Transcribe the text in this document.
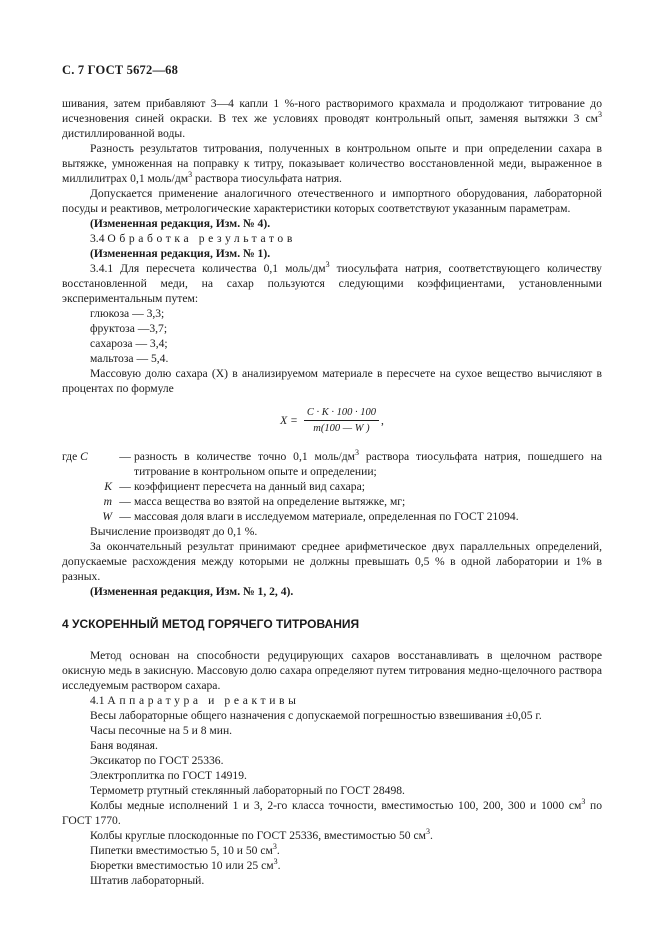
С. 7 ГОСТ 5672—68

шивания, затем прибавляют 3—4 капли 1 %-ного растворимого крахмала и продолжают титрование до исчезновения синей окраски. В тех же условиях проводят контрольный опыт, заменяя вытяжки 3 $см^3$ дистиллированной воды.

Разность результатов титрования, полученных в контрольном опыте и при определении сахара в вытяжке, умноженная на поправку к титру, показывает количество восстановленной меди, выраженное в миллилитрах 0,1 моль/$дм^3$ раствора тиосульфата натрия.

Допускается применение аналогичного отечественного и импортного оборудования, лабораторной посуды и реактивов, метрологические характеристики которых соответствуют указанным параметрам.

(Измененная редакция, Изм. № 4).

3.4 Обработка результатов

(Измененная редакция, Изм. № 1).

3.4.1 Для пересчета количества 0,1 моль/$дм^3$ тиосульфата натрия, соответствующего количеству восстановленной меди, на сахар пользуются следующими коэффициентами, установленными экспериментальным путем:

глюкоза — 3,3;

фруктоза —3,7;

сахароза — 3,4;

мальтоза — 5,4.

Массовую долю сахара (X) в анализируемом материале в пересчете на сухое вещество вычисляют в процентах по формуле

$X = \frac{C \cdot K \cdot 100 \cdot 100}{m(100 — W )}$ ,
где C	— разность в количестве точно 0,1 моль/$дм^3$ раствора тиосульфата натрия, пошедшего на титрование в контрольном опыте и определении;
K — коэффициент пересчета на данный вид сахара;
m — масса вещества во взятой на определение вытяжке, мг;
W — массовая доля влаги в исследуемом материале, определенная по ГОСТ 21094.

Вычисление производят до 0,1 %.

За окончательный результат принимают среднее арифметическое двух параллельных определений, допускаемые расхождения между которыми не должны превышать 0,5 % в одной лаборатории и 1% в разных.

(Измененная редакция, Изм. № 1, 2, 4).

4 УСКОРЕННЫЙ МЕТОД ГОРЯЧЕГО ТИТРОВАНИЯ

Метод основан на способности редуцирующих сахаров восстанавливать в щелочном растворе окисную медь в закисную. Массовую долю сахара определяют путем титрования медно-щелочного раствора исследуемым раствором сахара.

4.1 Аппаратура и реактивы

Весы лабораторные общего назначения с допускаемой погрешностью взвешивания ±0,05 г.

Часы песочные на 5 и 8 мин.

Баня водяная.

Эксикатор по ГОСТ 25336.

Электроплитка по ГОСТ 14919.

Термометр ртутный стеклянный лабораторный по ГОСТ 28498.

Колбы медные исполнений 1 и 3, 2-го класса точности, вместимостью 100, 200, 300 и 1000 $см^3$ по ГОСТ 1770.

Колбы круглые плоскодонные по ГОСТ 25336, вместимостью 50 $см^3$.

Пипетки вместимостью 5, 10 и 50 $см^3$.

Бюретки вместимостью 10 или 25 $см^3$.

Штатив лабораторный.
